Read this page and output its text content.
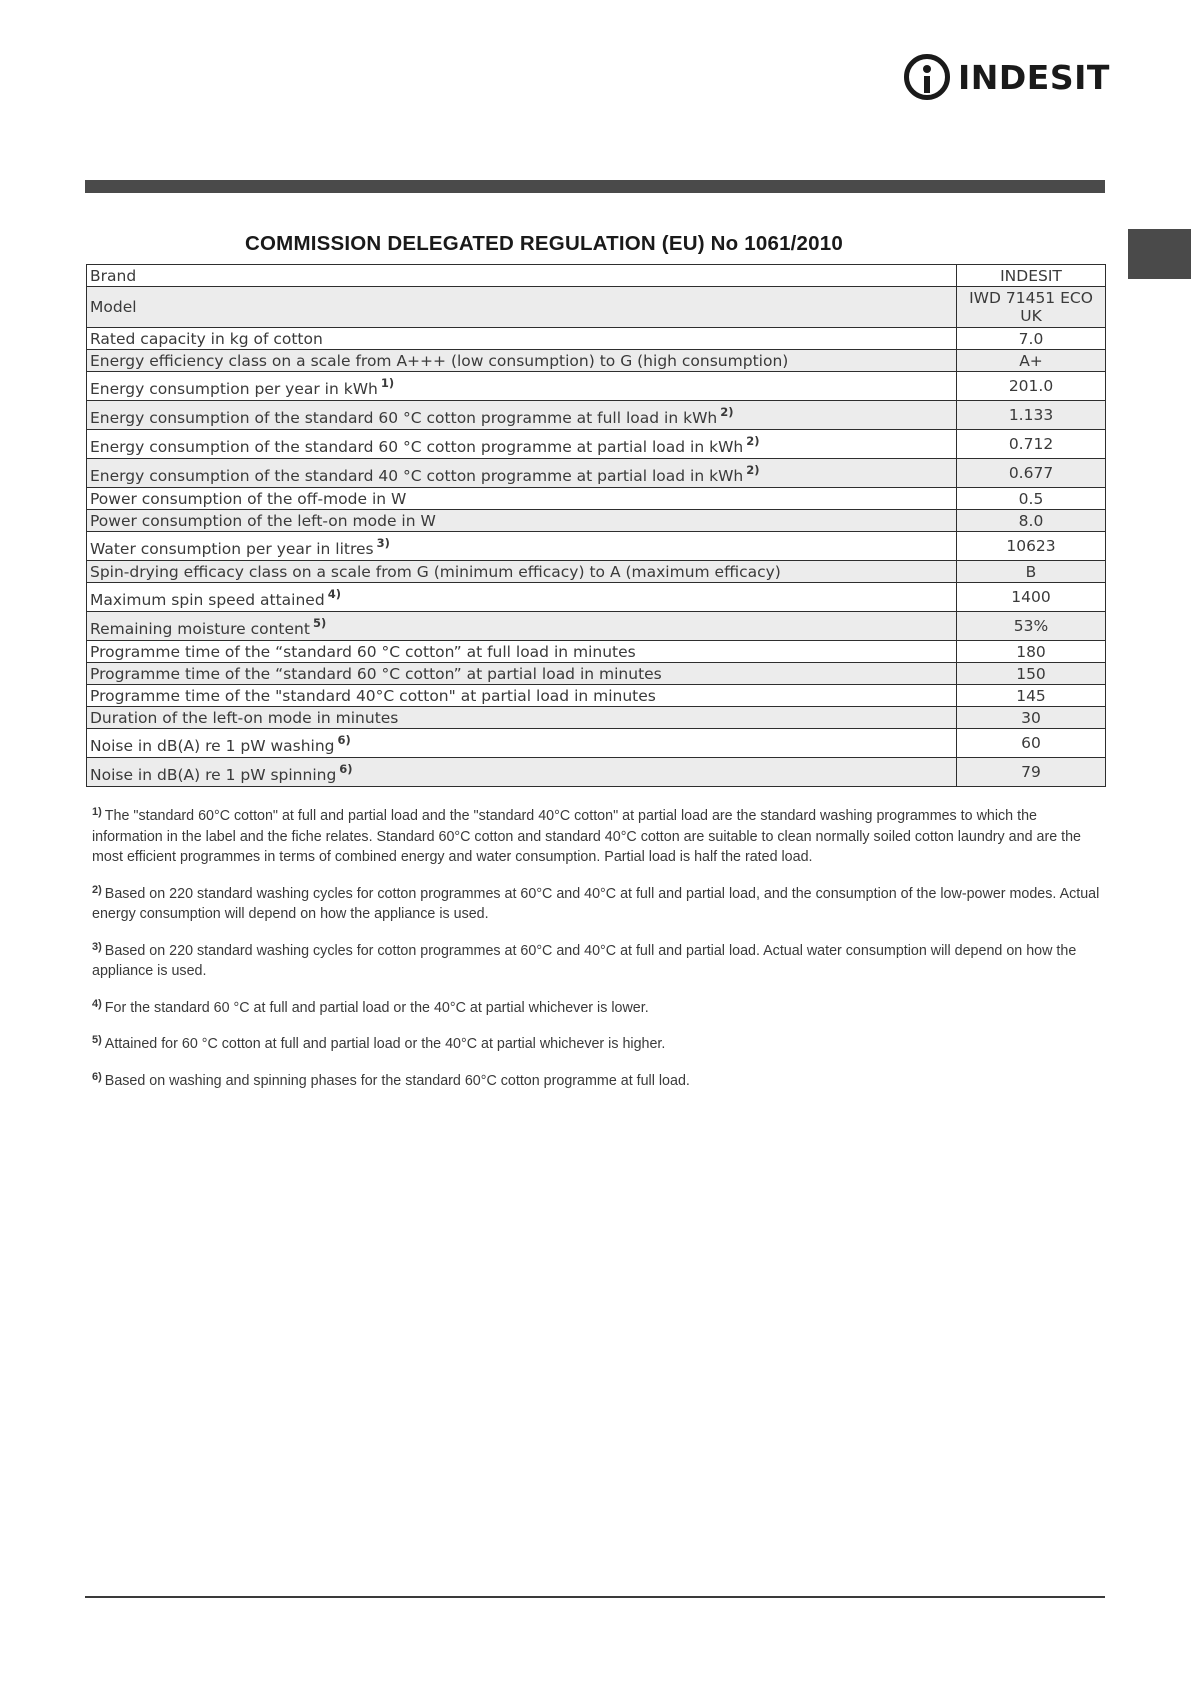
INDESIT
COMMISSION DELEGATED REGULATION (EU) No 1061/2010
Brand	INDESIT
Model	IWD 71451 ECO
UK

Rated capacity in kg of cotton	7.0
Energy efficiency class on a scale from A+++ (low consumption) to G (high consumption)	A+
Energy consumption per year in kWh $^{1)}$	201.0
Energy consumption of the standard 60 °C cotton programme at full load in kWh $^{2)}$	1.133
Energy consumption of the standard 60 °C cotton programme at partial load in kWh $^{2)}$	0.712
Energy consumption of the standard 40 °C cotton programme at partial load in kWh $^{2)}$	0.677
Power consumption of the off-mode in W	0.5
Power consumption of the left-on mode in W	8.0
Water consumption per year in litres $^{3)}$	10623
Spin-drying efficacy class on a scale from G (minimum efficacy) to A (maximum efficacy)	B
Maximum spin speed attained $^{4)}$	1400
Remaining moisture content $^{5)}$	53%
Programme time of the “standard 60 °C cotton” at full load in minutes	180
Programme time of the “standard 60 °C cotton” at partial load in minutes	150
Programme time of the "standard 40°C cotton" at partial load in minutes	145
Duration of the left-on mode in minutes	30
Noise in dB(A) re 1 pW washing $^{6)}$	60
Noise in dB(A) re 1 pW spinning $^{6)}$	79
$^{1)}$ The "standard 60°C cotton" at full and partial load and the "standard 40°C cotton" at partial load are the standard washing programmes to which the information in the label and the fiche relates. Standard 60°C cotton and standard 40°C cotton are suitable to clean normally soiled cotton laundry and are the most efficient programmes in terms of combined energy and water consumption. Partial load is half the rated load.
$^{2)}$ Based on 220 standard washing cycles for cotton programmes at 60°C and 40°C at full and partial load, and the consumption of the low-power modes. Actual energy consumption will depend on how the appliance is used.
$^{3)}$ Based on 220 standard washing cycles for cotton programmes at 60°C and 40°C at full and partial load. Actual water consumption will depend on how the appliance is used.
$^{4)}$ For the standard 60 °C at full and partial load or the 40°C at partial whichever is lower.
$^{5)}$ Attained for 60 °C cotton at full and partial load or the 40°C at partial whichever is higher.
$^{6)}$ Based on washing and spinning phases for the standard 60°C cotton programme at full load.
